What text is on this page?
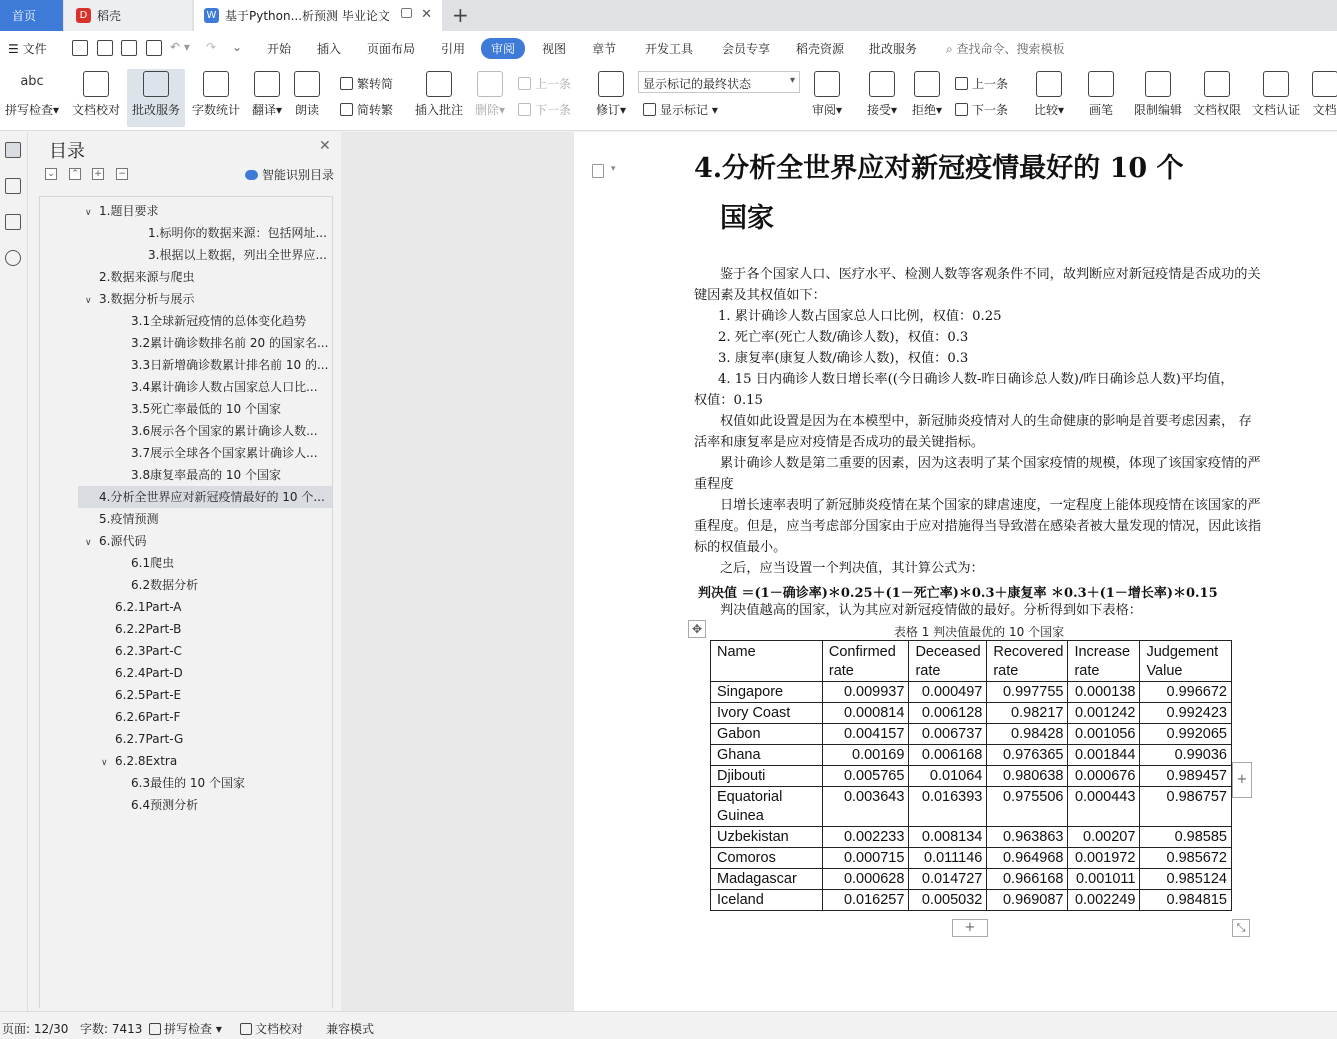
首页	D 稻壳	W 基于Python...析预测 毕业论文 ✕ +
☰ 文件	↶ ▾ ↷ ⌄ 开始 插入 页面布局 引用	审阅	视图 章节 开发工具 会员专享 稻壳资源 批改服务 ⌕ 查找命令、搜索模板
abc
拼写检查▾ 文档校对 批改服务 字数统计 翻译▾ 朗读
繁转简
简转繁 插入批注 删除▾
上一条
下一条 修订▾
显示标记的最终状态 ▾
显示标记 ▾	审阅▾ 接受▾ 拒绝▾
上一条
下一条 比较▾ 画笔 限制编辑 文档权限 文档认证 文档
目录	✕
⌄ ⌃ + −	智能识别目录
∨ 1.题目要求
1.标明你的数据来源：包括网址...
3.根据以上数据，列出全世界应...
2.数据来源与爬虫
∨ 3.数据分析与展示
3.1全球新冠疫情的总体变化趋势
3.2累计确诊数排名前 20 的国家名...
3.3日新增确诊数累计排名前 10 的...
3.4累计确诊人数占国家总人口比...
3.5死亡率最低的 10 个国家
3.6展示各个国家的累计确诊人数...
3.7展示全球各个国家累计确诊人...
3.8康复率最高的 10 个国家
4.分析全世界应对新冠疫情最好的 10 个...
5.疫情预测
∨ 6.源代码
6.1爬虫
6.2数据分析
6.2.1Part-A
6.2.2Part-B
6.2.3Part-C
6.2.4Part-D
6.2.5Part-E
6.2.6Part-F
6.2.7Part-G
∨ 6.2.8Extra
6.3最佳的 10 个国家
6.4预测分析
▾	4.分析全世界应对新冠疫情最好的 10 个
国家
鉴于各个国家人口、医疗水平、检测人数等客观条件不同，故判断应对新冠疫情是否成功的关键因素及其权值如下：
1. 累计确诊人数占国家总人口比例，权值：0.25
2. 死亡率(死亡人数/确诊人数)，权值：0.3
3. 康复率(康复人数/确诊人数)，权值：0.3
4. 15 日内确诊人数日增长率((今日确诊人数-昨日确诊总人数)/昨日确诊总人数)平均值，
权值：0.15
权值如此设置是因为在本模型中，新冠肺炎疫情对人的生命健康的影响是首要考虑因素， 存活率和康复率是应对疫情是否成功的最关键指标。
累计确诊人数是第二重要的因素，因为这表明了某个国家疫情的规模，体现了该国家疫情的严重程度
日增长速率表明了新冠肺炎疫情在某个国家的肆虐速度，一定程度上能体现疫情在该国家的严重程度。但是，应当考虑部分国家由于应对措施得当导致潜在感染者被大量发现的情况，因此该指标的权值最小。
之后，应当设置一个判决值，其计算公式为：
判决值 ＝(1－确诊率)＊0.25＋(1－死亡率)＊0.3＋康复率 ＊0.3＋(1－增长率)＊0.15
判决值越高的国家，认为其应对新冠疫情做的最好。分析得到如下表格：
✥	表格 1 判决值最优的 10 个国家
Name	Confirmed rate	Deceased rate	Recovered rate	Increase rate	Judgement Value
Singapore	0.009937	0.000497	0.997755	0.000138	0.996672
Ivory Coast	0.000814	0.006128	0.98217	0.001242	0.992423
Gabon	0.004157	0.006737	0.98428	0.001056	0.992065
Ghana	0.00169	0.006168	0.976365	0.001844	0.99036
Djibouti	0.005765	0.01064	0.980638	0.000676	0.989457
Equatorial Guinea	0.003643	0.016393	0.975506	0.000443	0.986757
Uzbekistan	0.002233	0.008134	0.963863	0.00207	0.98585
Comoros	0.000715	0.011146	0.964968	0.001972	0.985672
Madagascar	0.000628	0.014727	0.966168	0.001011	0.985124
Iceland	0.016257	0.005032	0.969087	0.002249	0.984815
+
+	⤡
页面: 12/30 字数: 7413	拼写检查 ▾	文档校对 兼容模式
